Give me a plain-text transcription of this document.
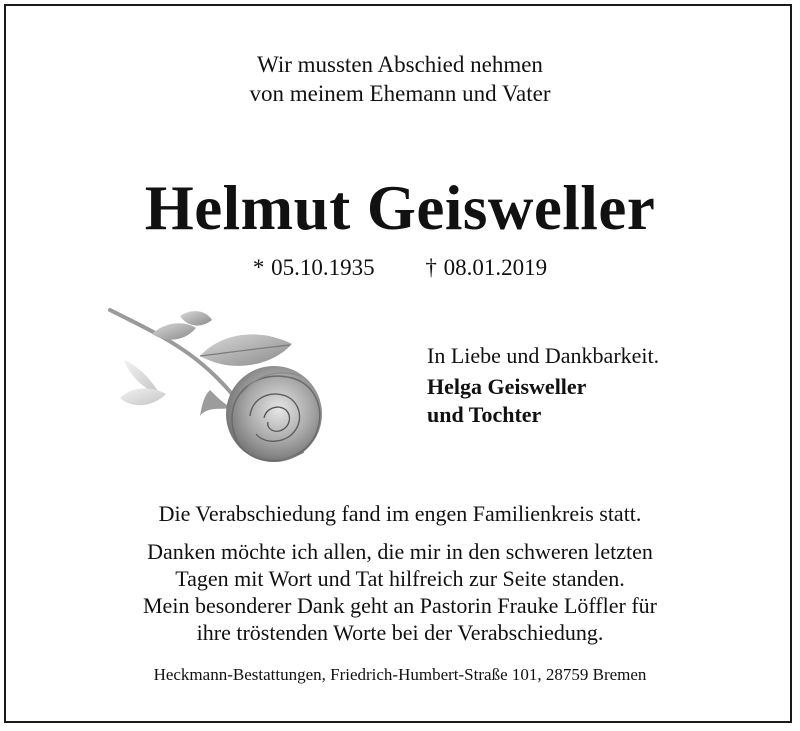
Wir mussten Abschied nehmen
von meinem Ehemann und Vater
Helmut Geisweller
* 05.10.1935 † 08.01.2019
In Liebe und Dankbarkeit.
Helga Geisweller
und Tochter
Die Verabschiedung fand im engen Familienkreis statt.
Danken möchte ich allen, die mir in den schweren letzten
Tagen mit Wort und Tat hilfreich zur Seite standen.
Mein besonderer Dank geht an Pastorin Frauke Löffler für
ihre tröstenden Worte bei der Verabschiedung.
Heckmann-Bestattungen, Friedrich-Humbert-Straße 101, 28759 Bremen
